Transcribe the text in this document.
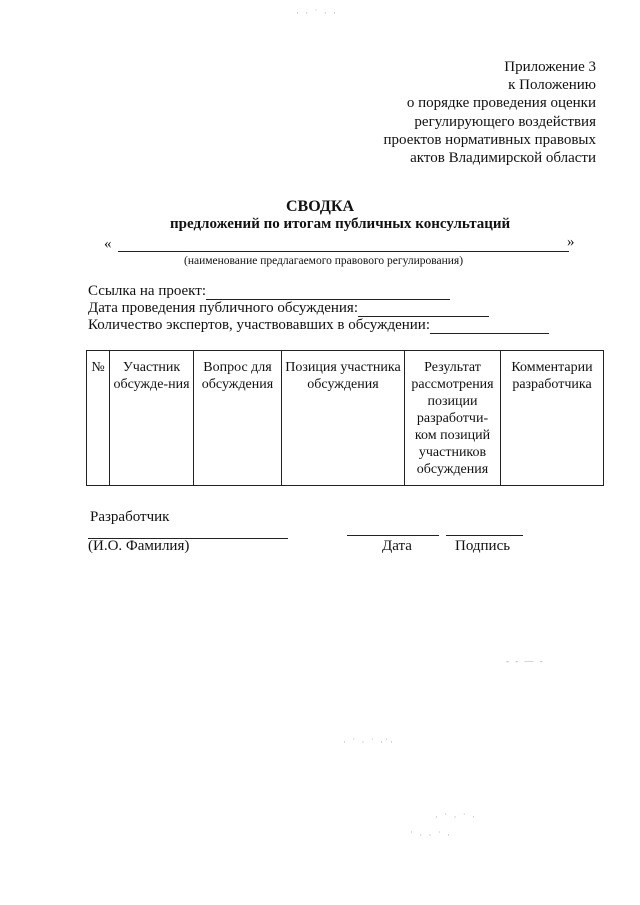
Приложение 3
к Положению
о порядке проведения оценки
регулирующего воздействия
проектов нормативных правовых
актов Владимирской области
СВОДКА
предложений по итогам публичных консультаций
«	»
(наименование предлагаемого правового регулирования)
Ссылка на проект:
Дата проведения публичного обсуждения:
Количество экспертов, участвовавших в обсуждении:
№	Участник обсужде-ния	Вопрос для обсуждения	Позиция участника обсуждения	Результат рассмотрения позиции разработчи-ком позиций участников обсуждения	Комментарии разработчика
Разработчик
(И.О. Фамилия)	Дата	Подпись
· · ˙ · ·
- - — -
· ˙ · ˙ ·˙·
· ˙ · ˙ ·
˙ · · ˙ ·
